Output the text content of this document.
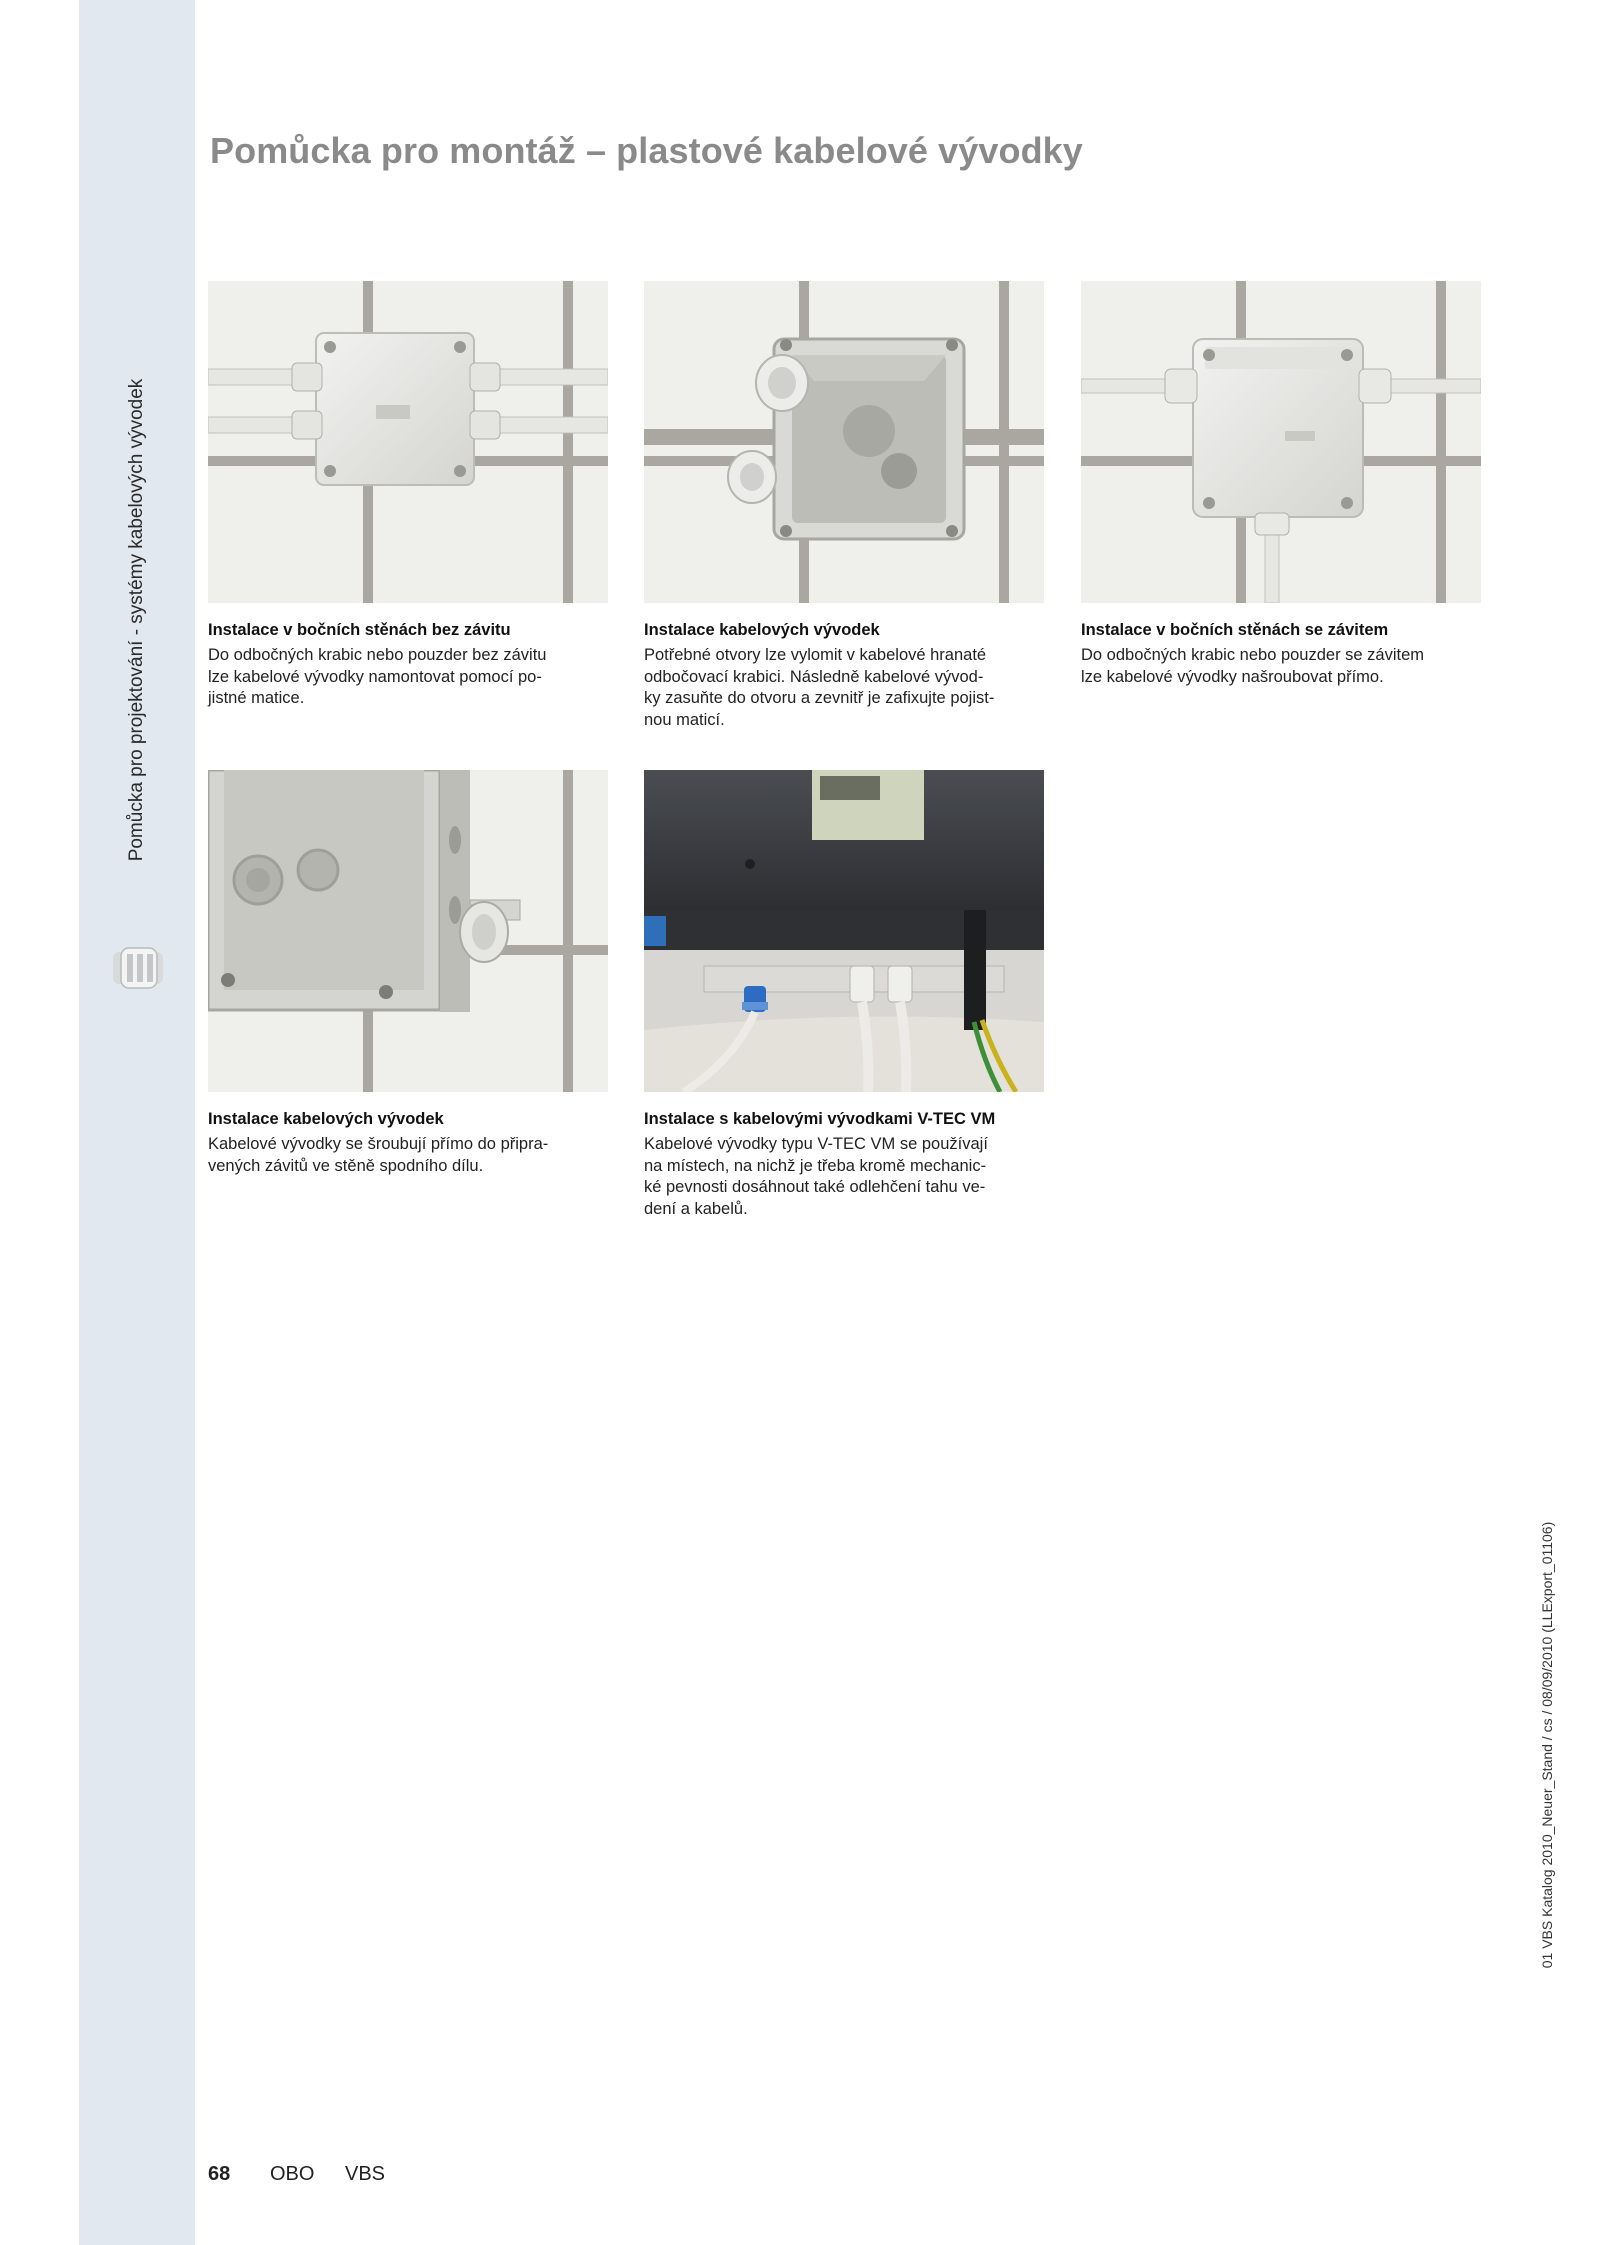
Pomůcka pro projektování - systémy kabelových vývodek
Pomůcka pro montáž – plastové kabelové vývodky

Instalace v bočních stěnách bez závitu

Do odbočných krabic nebo pouzder bez závitu
lze kabelové vývodky namontovat pomocí po-
jistné matice.

Instalace kabelových vývodek

Potřebné otvory lze vylomit v kabelové hranaté
odbočovací krabici. Následně kabelové vývod-
ky zasuňte do otvoru a zevnitř je zafixujte pojist-
nou maticí.

Instalace v bočních stěnách se závitem

Do odbočných krabic nebo pouzder se závitem
lze kabelové vývodky našroubovat přímo.

Instalace kabelových vývodek

Kabelové vývodky se šroubují přímo do připra-
vených závitů ve stěně spodního dílu.

Instalace s kabelovými vývodkami V-TEC VM

Kabelové vývodky typu V-TEC VM se používají
na místech, na nichž je třeba kromě mechanic-
ké pevnosti dosáhnout také odlehčení tahu ve-
dení a kabelů.

68 OBO VBS
01 VBS Katalog 2010_Neuer_Stand / cs / 08/09/2010 (LLExport_01106)
